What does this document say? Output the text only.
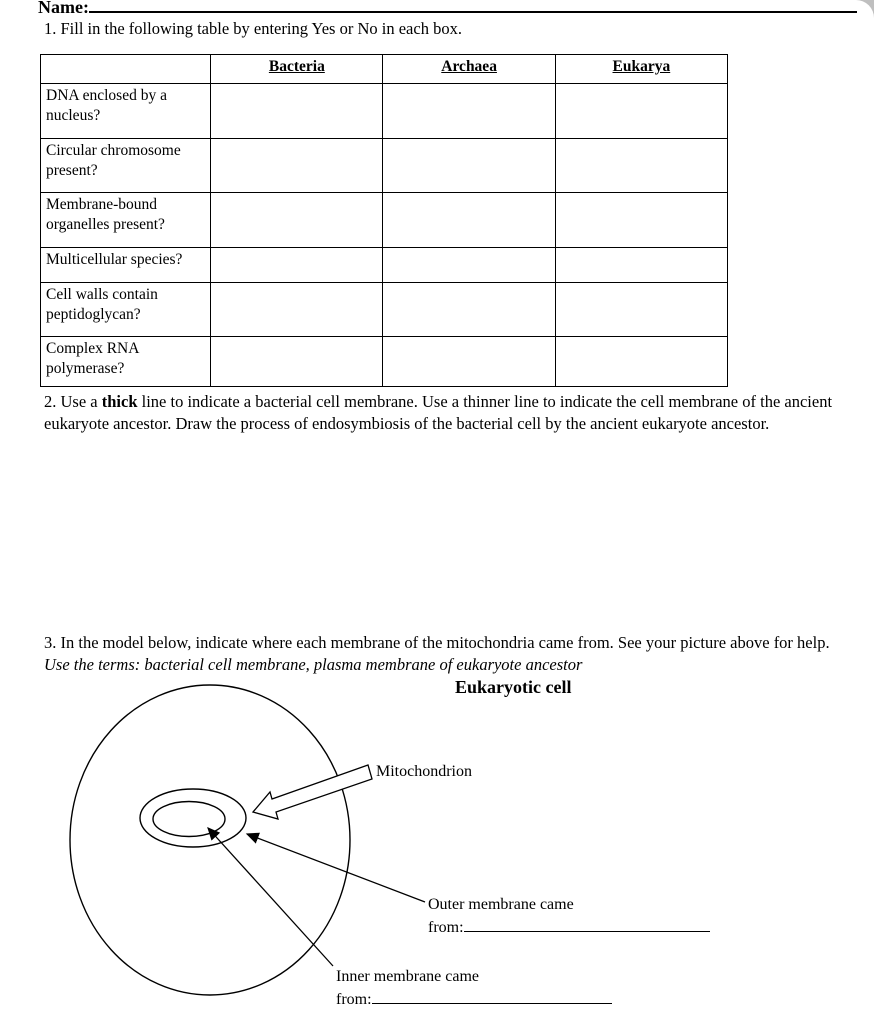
Name:
1. Fill in the following table by entering Yes or No in each box.
	Bacteria	Archaea	Eukarya
DNA enclosed by a nucleus?			
Circular chromosome present?			
Membrane-bound organelles present?			
Multicellular species?			
Cell walls contain peptidoglycan?			
Complex RNA polymerase?			
2. Use a thick line to indicate a bacterial cell membrane. Use a thinner line to indicate the cell membrane of the ancient eukaryote ancestor. Draw the process of endosymbiosis of the bacterial cell by the ancient eukaryote ancestor.
3. In the model below, indicate where each membrane of the mitochondria came from. See your picture above for help. Use the terms: bacterial cell membrane, plasma membrane of eukaryote ancestor
Eukaryotic cell
Mitochondrion
Outer membrane came
from:
Inner membrane came
from:
